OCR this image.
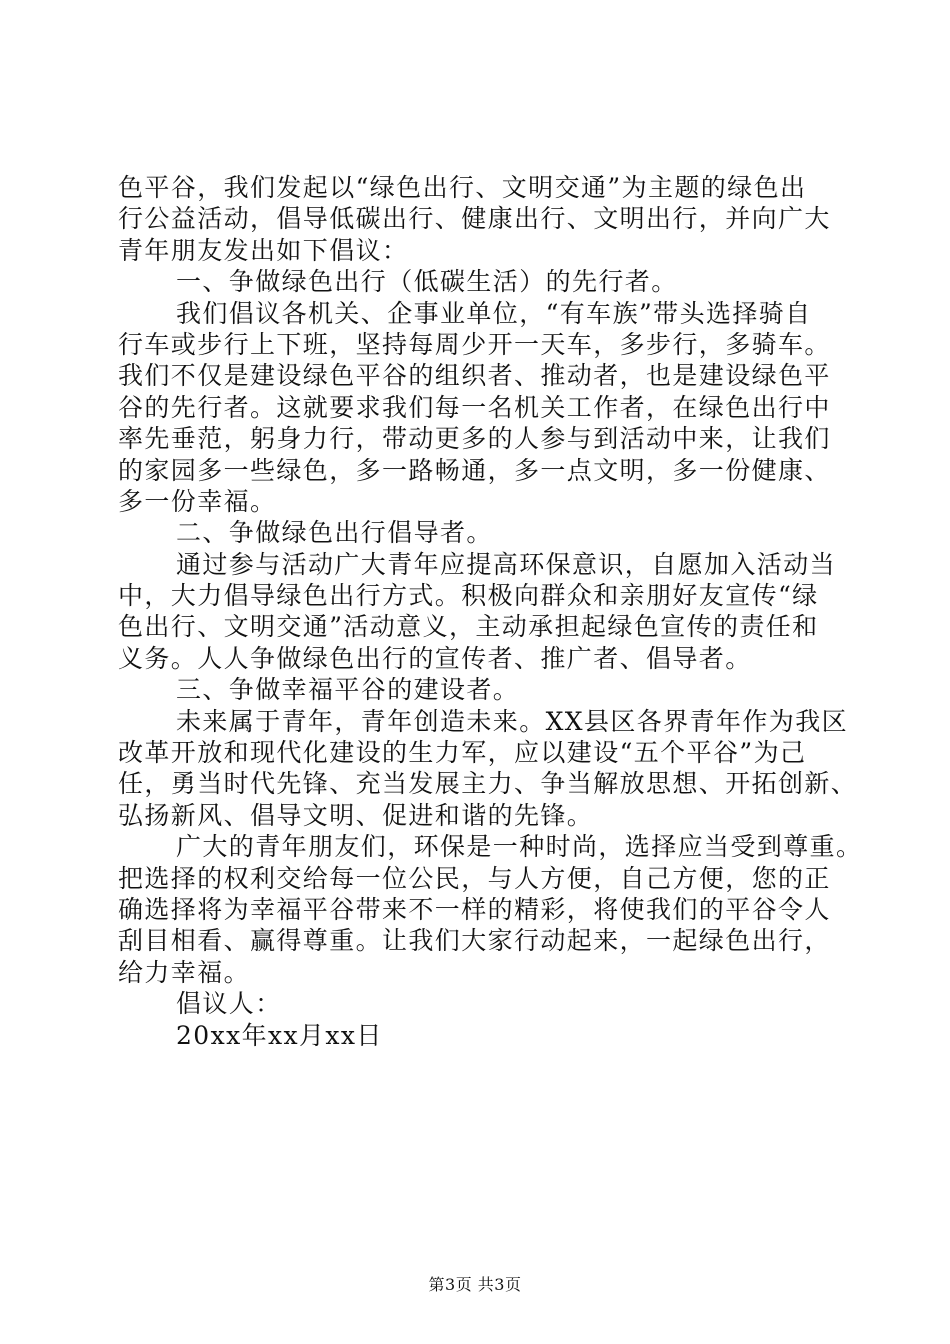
色平谷，我们发起以“绿色出行、文明交通”为主题的绿色出
行公益活动，倡导低碳出行、健康出行、文明出行，并向广大
青年朋友发出如下倡议：
一、争做绿色出行（低碳生活）的先行者。
我们倡议各机关、企事业单位，“有车族”带头选择骑自
行车或步行上下班，坚持每周少开一天车，多步行，多骑车。
我们不仅是建设绿色平谷的组织者、推动者，也是建设绿色平
谷的先行者。这就要求我们每一名机关工作者，在绿色出行中
率先垂范，躬身力行，带动更多的人参与到活动中来，让我们
的家园多一些绿色，多一路畅通，多一点文明，多一份健康、
多一份幸福。
二、争做绿色出行倡导者。
通过参与活动广大青年应提高环保意识，自愿加入活动当
中，大力倡导绿色出行方式。积极向群众和亲朋好友宣传“绿
色出行、文明交通”活动意义，主动承担起绿色宣传的责任和
义务。人人争做绿色出行的宣传者、推广者、倡导者。
三、争做幸福平谷的建设者。
未来属于青年，青年创造未来。XX县区各界青年作为我区
改革开放和现代化建设的生力军，应以建设“五个平谷”为己
任，勇当时代先锋、充当发展主力、争当解放思想、开拓创新、
弘扬新风、倡导文明、促进和谐的先锋。
广大的青年朋友们，环保是一种时尚，选择应当受到尊重。
把选择的权利交给每一位公民，与人方便，自己方便，您的正
确选择将为幸福平谷带来不一样的精彩，将使我们的平谷令人
刮目相看、赢得尊重。让我们大家行动起来，一起绿色出行，
给力幸福。
倡议人：
20xx年xx月xx日
第3页 共3页
